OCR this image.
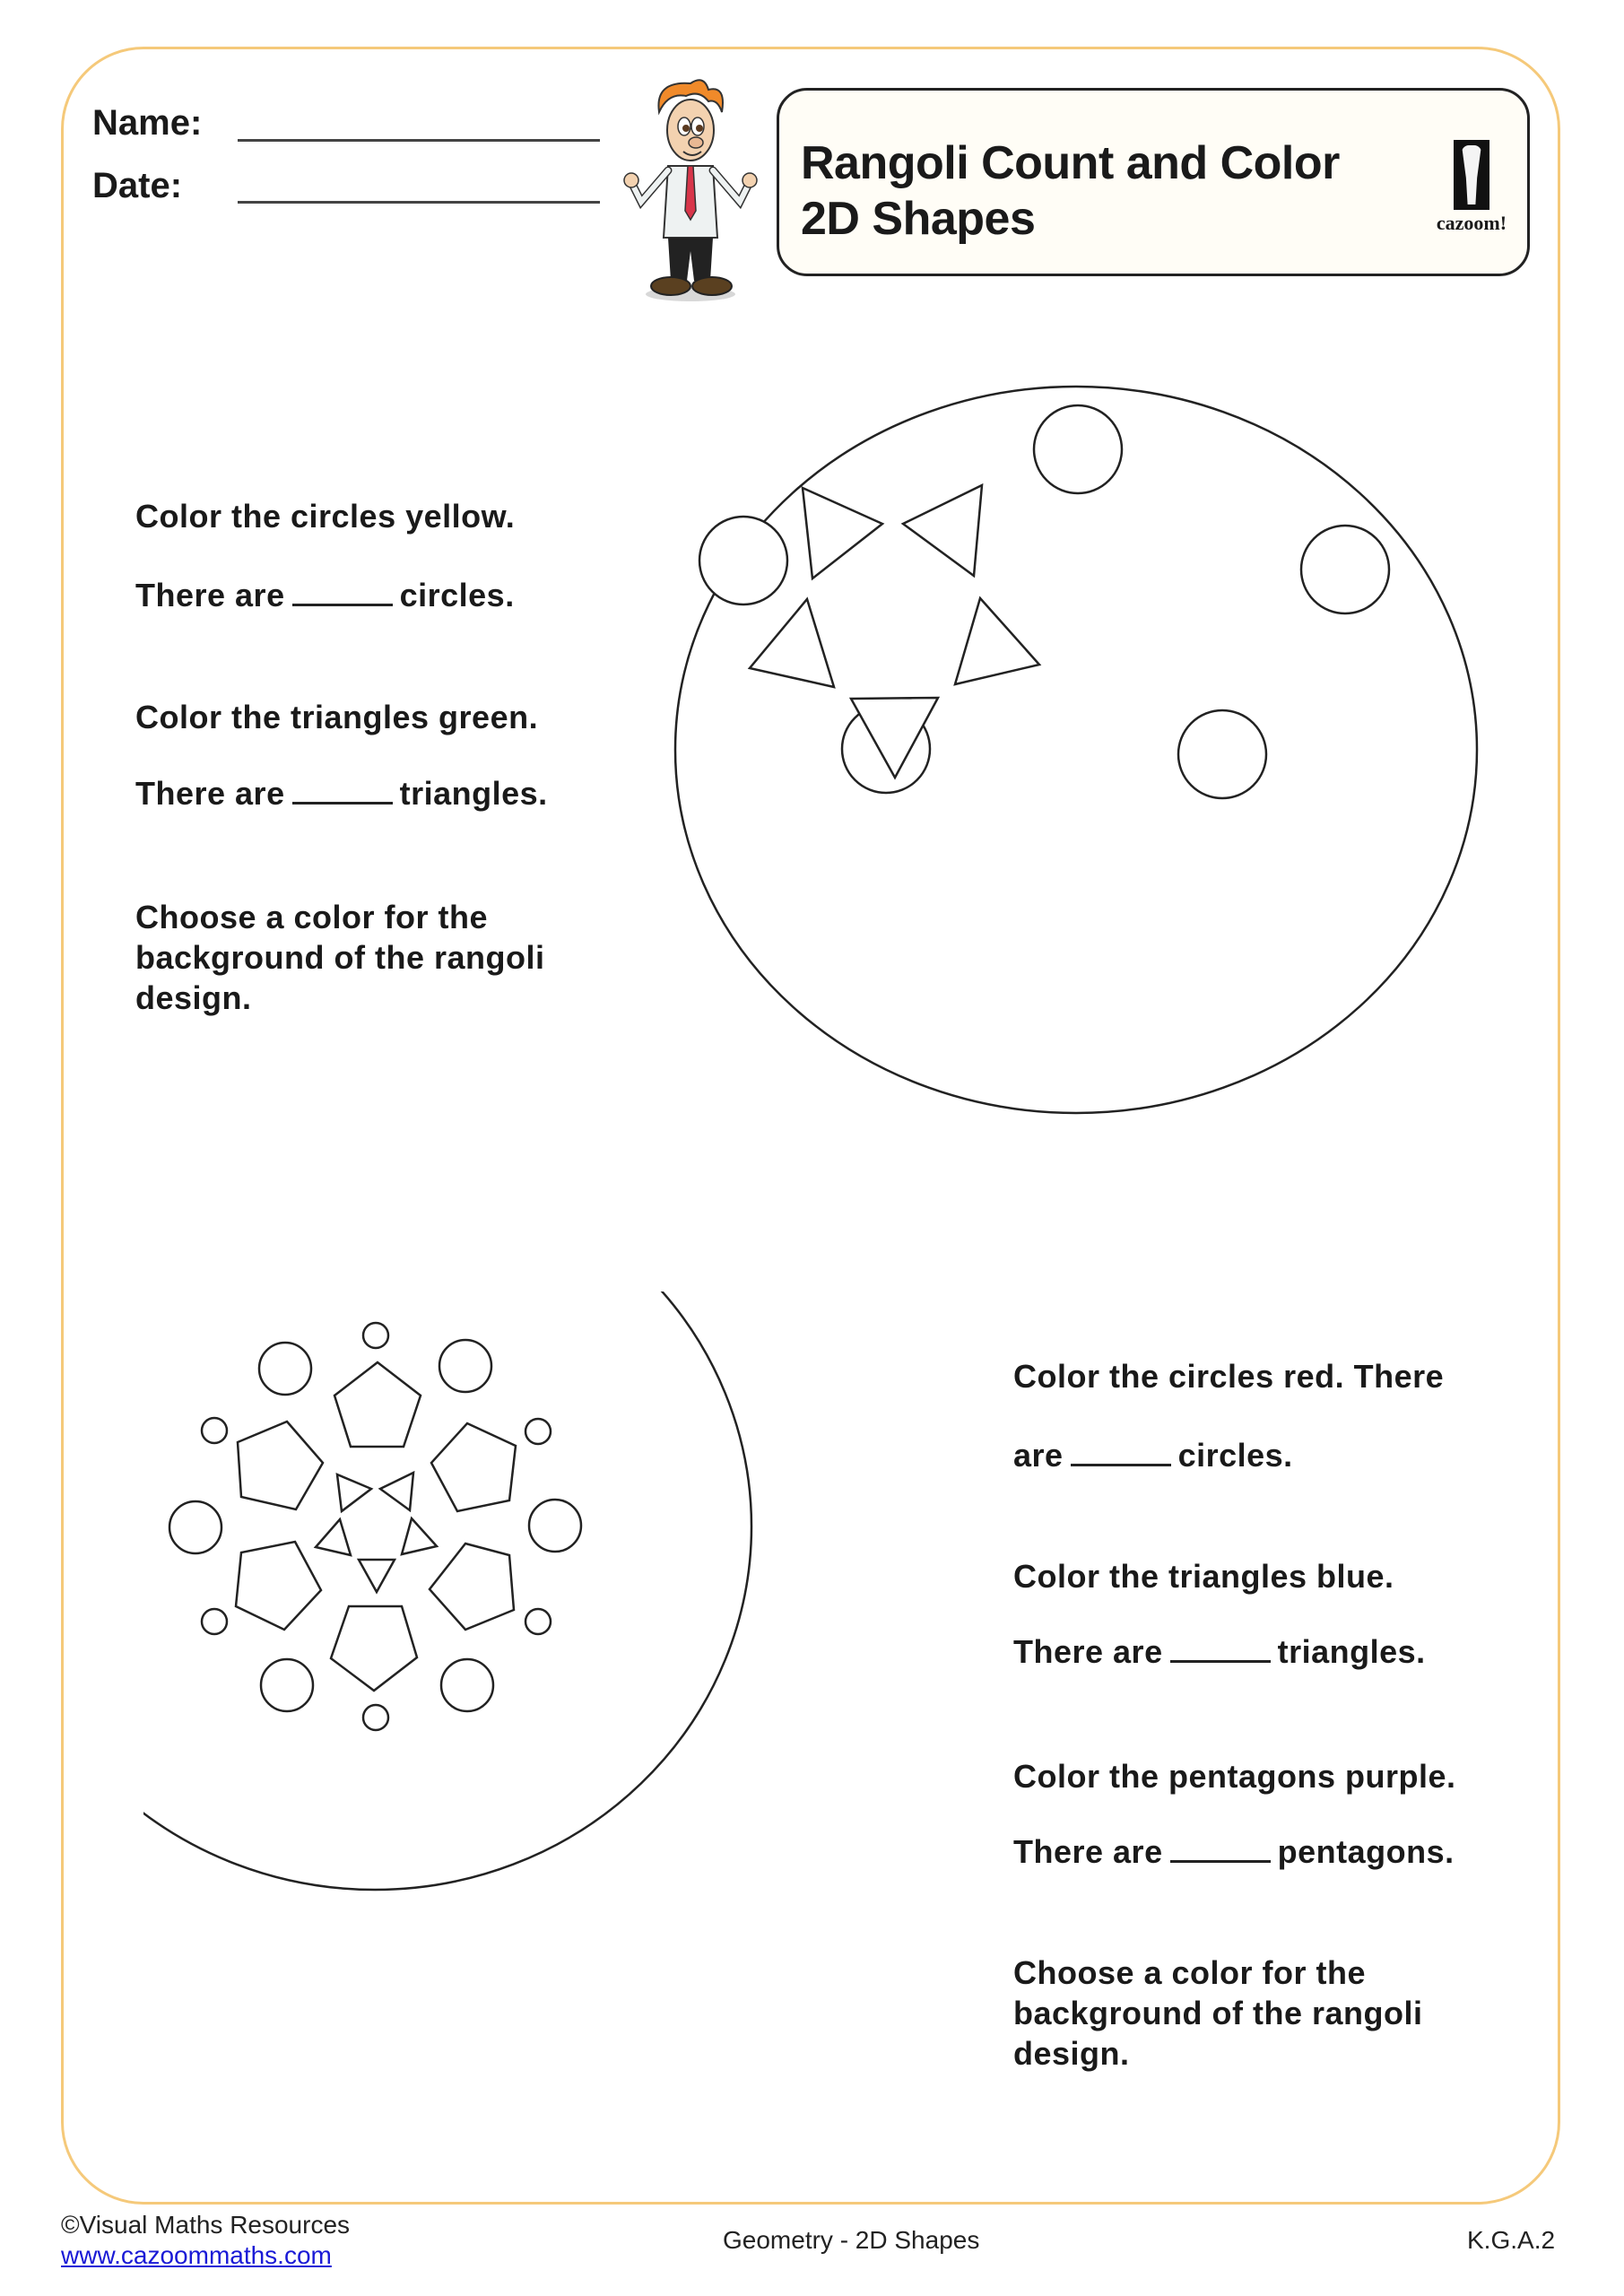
Name:
Date:	Rangoli Count and Color
2D Shapes	cazoom!
Color the circles yellow.
There are	circles.
Color the triangles green.
There are	triangles.
Choose a color for the
background of the rangoli
design.
Color the circles red. There
are	circles.
Color the triangles blue.
There are	triangles.
Color the pentagons purple.
There are	pentagons.
Choose a color for the
background of the rangoli
design.
©Visual Maths Resources
www.cazoommaths.com
Geometry - 2D Shapes	K.G.A.2
